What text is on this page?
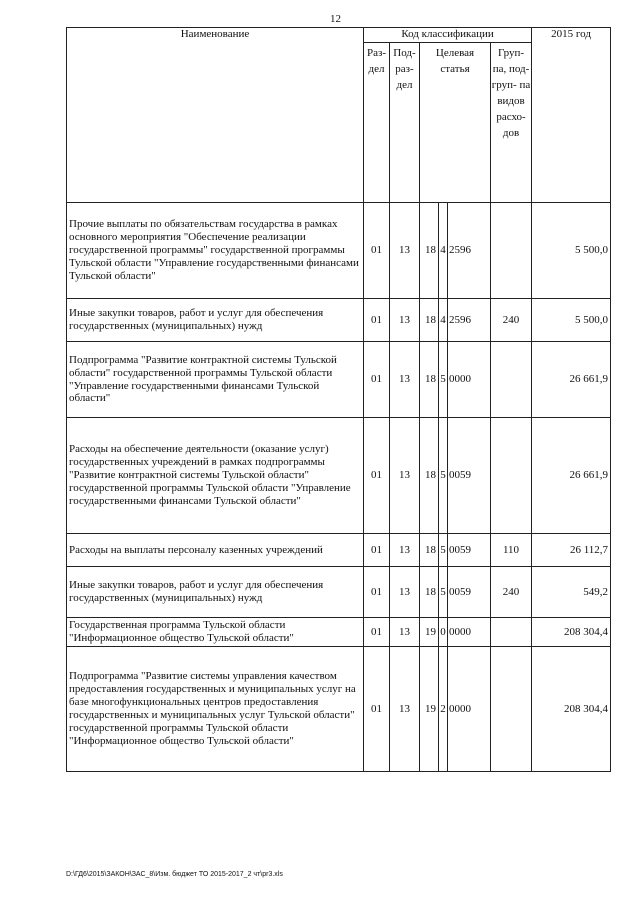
12
Наименование	Код классификации						2015 год
	Раз- дел	Под- раз- дел	Целевая статья			Груп- па, под- груп- па видов расхо- дов	
Прочие выплаты по обязательствам государства в рамках основного мероприятия "Обеспечение реализации государственной программы" государственной программы Тульской области "Управление государственными финансами Тульской области"	01	13	18	4	2596		5 500,0
Иные закупки товаров, работ и услуг для обеспечения государственных (муниципальных) нужд	01	13	18	4	2596	240	5 500,0
Подпрограмма "Развитие контрактной системы Тульской области" государственной программы Тульской области "Управление государственными финансами Тульской области"	01	13	18	5	0000		26 661,9
Расходы на обеспечение деятельности (оказание услуг) государственных учреждений в рамках подпрограммы "Развитие контрактной системы Тульской области" государственной программы Тульской области "Управление государственными финансами Тульской области"	01	13	18	5	0059		26 661,9
Расходы на выплаты персоналу казенных учреждений	01	13	18	5	0059	110	26 112,7
Иные закупки товаров, работ и услуг для обеспечения государственных (муниципальных) нужд	01	13	18	5	0059	240	549,2
Государственная программа Тульской области "Информационное общество Тульской области"	01	13	19	0	0000		208 304,4
Подпрограмма "Развитие системы управления качеством предоставления государственных и муниципальных услуг на базе многофункциональных центров предоставления государственных и муниципальных услуг Тульской области" государственной программы Тульской области "Информационное общество Тульской области"	01	13	19	2	0000		208 304,4
D:\ГД6\2015\ЗАКОН\ЗАС_8\Изм. бюджет ТО 2015-2017_2 чт\pr3.xls
